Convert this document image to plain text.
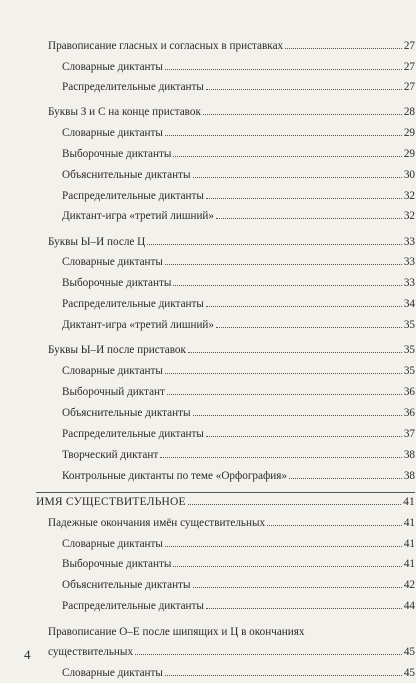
Правописание гласных и согласных в приставках	27
Словарные диктанты	27
Распределительные диктанты	27
Буквы З и С на конце приставок	28
Словарные диктанты	29
Выборочные диктанты	29
Объяснительные диктанты	30
Распределительные диктанты	32
Диктант-игра «третий лишний»	32
Буквы Ы–И после Ц	33
Словарные диктанты	33
Выборочные диктанты	33
Распределительные диктанты	34
Диктант-игра «третий лишний»	35
Буквы Ы–И после приставок	35
Словарные диктанты	35
Выборочный диктант	36
Объяснительные диктанты	36
Распределительные диктанты	37
Творческий диктант	38
Контрольные диктанты по теме «Орфография»	38
ИМЯ СУЩЕСТВИТЕЛЬНОЕ	41
Падежные окончания имён существительных	41
Словарные диктанты	41
Выборочные диктанты	41
Объяснительные диктанты	42
Распределительные диктанты	44
Правописание О–Е после шипящих и Ц в окончаниях
существительных	45
Словарные диктанты	45
4
